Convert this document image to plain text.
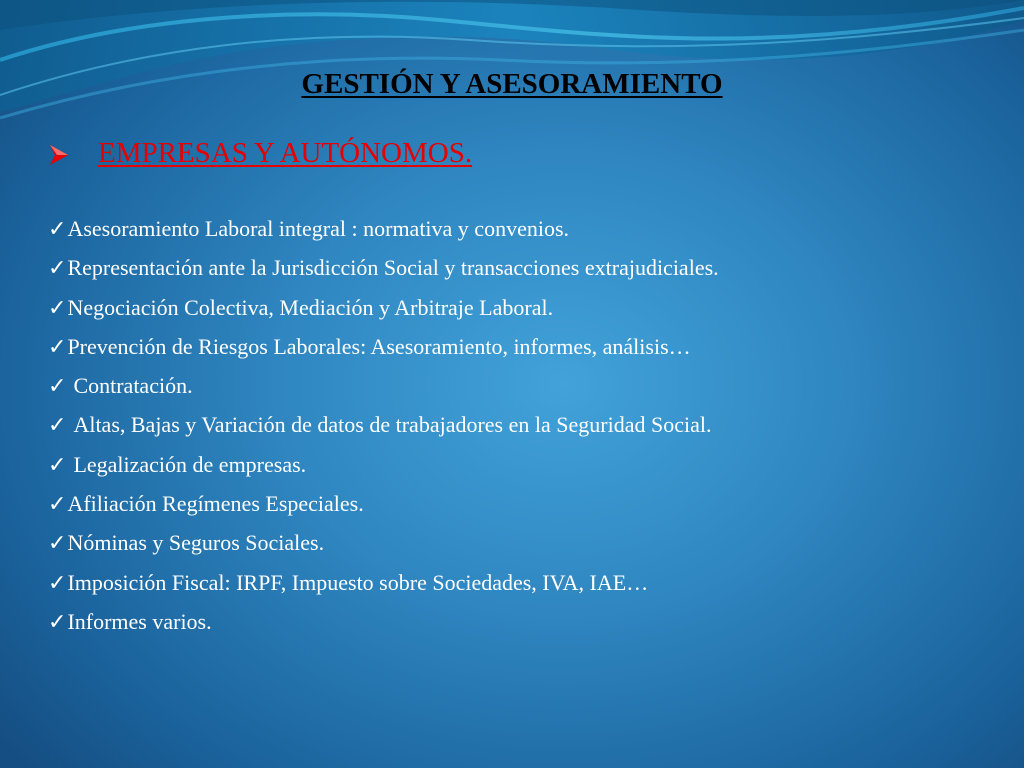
GESTIÓN Y ASESORAMIENTO
EMPRESAS Y AUTÓNOMOS.
✓Asesoramiento Laboral integral : normativa y convenios.
✓Representación ante la Jurisdicción Social y transacciones extrajudiciales.
✓Negociación Colectiva, Mediación y Arbitraje Laboral.
✓Prevención de Riesgos Laborales: Asesoramiento, informes, análisis…
✓ Contratación.
✓ Altas, Bajas y Variación de datos de trabajadores en la Seguridad Social.
✓ Legalización de empresas.
✓Afiliación Regímenes Especiales.
✓Nóminas y Seguros Sociales.
✓Imposición Fiscal: IRPF, Impuesto sobre Sociedades, IVA, IAE…
✓Informes varios.
